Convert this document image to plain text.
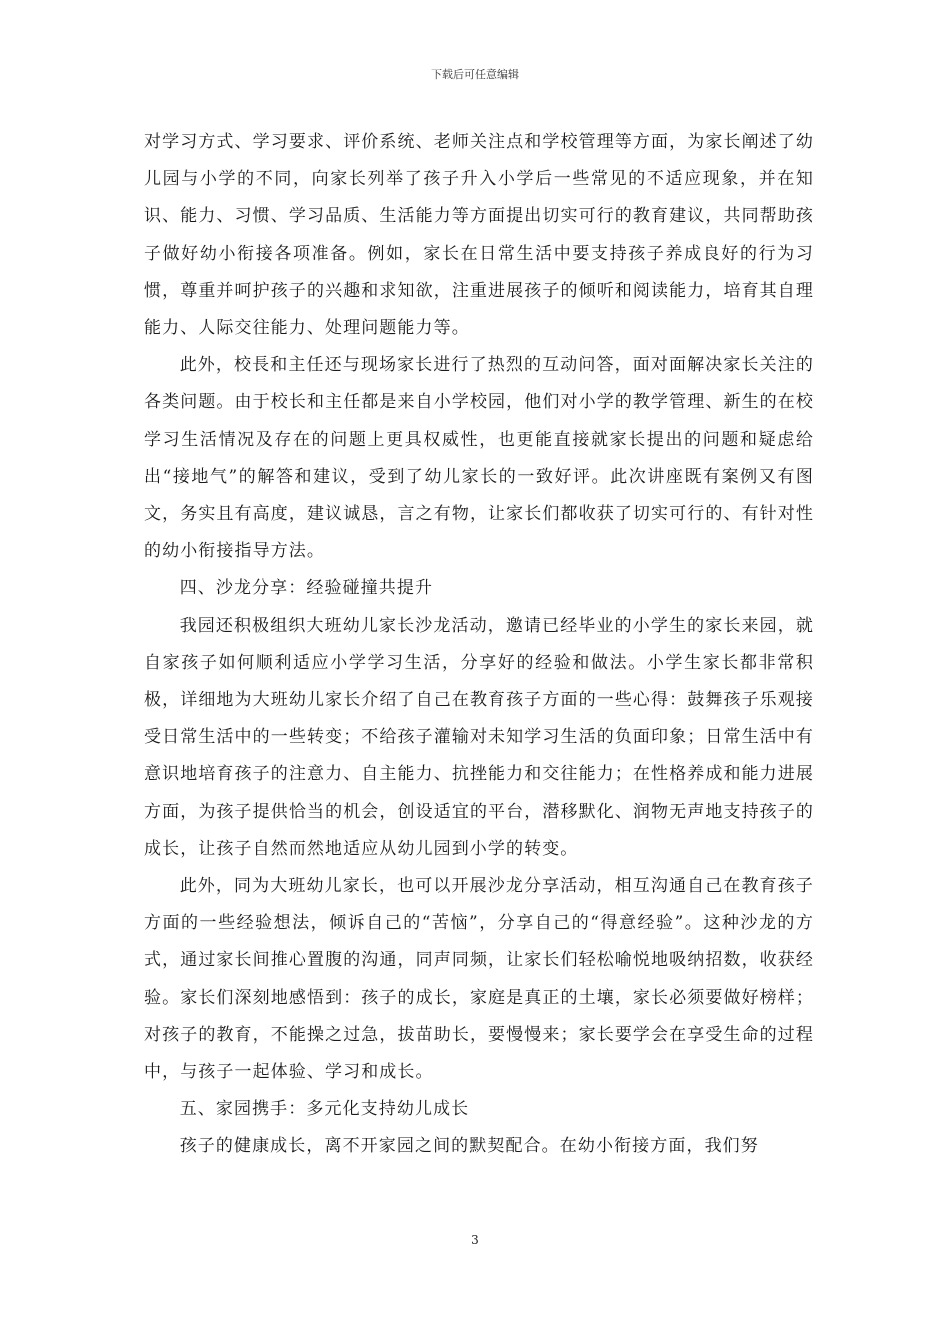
下载后可任意编辑

对学习方式、学习要求、评价系统、老师关注点和学校管理等方面，为家长阐述了幼儿园与小学的不同，向家长列举了孩子升入小学后一些常见的不适应现象，并在知识、能力、习惯、学习品质、生活能力等方面提出切实可行的教育建议，共同帮助孩子做好幼小衔接各项准备。例如，家长在日常生活中要支持孩子养成良好的行为习惯，尊重并呵护孩子的兴趣和求知欲，注重进展孩子的倾听和阅读能力，培育其自理能力、人际交往能力、处理问题能力等。

此外，校長和主任还与现场家长进行了热烈的互动问答，面对面解决家长关注的各类问题。由于校长和主任都是来自小学校园，他们对小学的教学管理、新生的在校学习生活情况及存在的问题上更具权威性，也更能直接就家长提出的问题和疑虑给出“接地气”的解答和建议，受到了幼儿家长的一致好评。此次讲座既有案例又有图文，务实且有高度，建议诚恳，言之有物，让家长们都收获了切实可行的、有针对性的幼小衔接指导方法。

四、沙龙分享：经验碰撞共提升

我园还积极组织大班幼儿家长沙龙活动，邀请已经毕业的小学生的家长来园，就自家孩子如何顺利适应小学学习生活，分享好的经验和做法。小学生家长都非常积极，详细地为大班幼儿家长介绍了自己在教育孩子方面的一些心得：鼓舞孩子乐观接受日常生活中的一些转变；不给孩子灌输对未知学习生活的负面印象；日常生活中有意识地培育孩子的注意力、自主能力、抗挫能力和交往能力；在性格养成和能力进展方面，为孩子提供恰当的机会，创设适宜的平台，潜移默化、润物无声地支持孩子的成长，让孩子自然而然地适应从幼儿园到小学的转变。

此外，同为大班幼儿家长，也可以开展沙龙分享活动，相互沟通自己在教育孩子方面的一些经验想法，倾诉自己的“苦恼”，分享自己的“得意经验”。这种沙龙的方式，通过家长间推心置腹的沟通，同声同频，让家长们轻松喻悦地吸纳招数，收获经验。家长们深刻地感悟到：孩子的成长，家庭是真正的土壤，家长必须要做好榜样；对孩子的教育，不能操之过急，拔苗助长，要慢慢来；家长要学会在享受生命的过程中，与孩子一起体验、学习和成长。

五、家园携手：多元化支持幼儿成长

孩子的健康成长，离不开家园之间的默契配合。在幼小衔接方面，我们努

3
